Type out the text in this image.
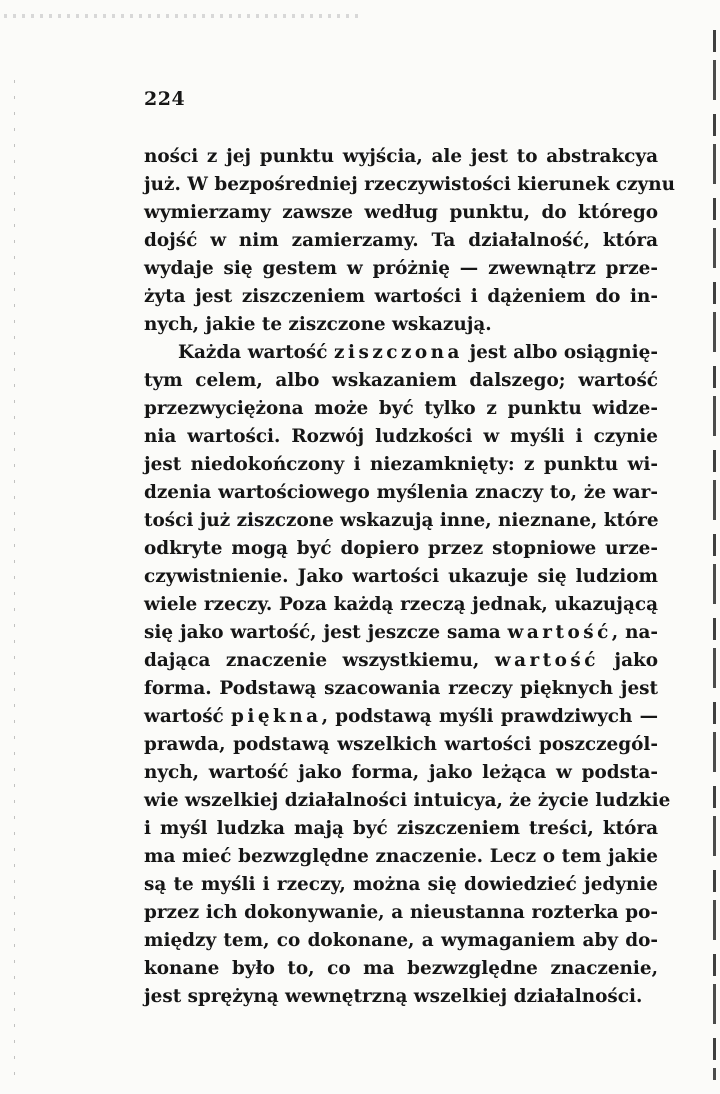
224
ności z jej punktu wyjścia, ale jest to abstrakcya
już. W bezpośredniej rzeczywistości kierunek czynu
wymierzamy zawsze według punktu, do którego
dojść w nim zamierzamy. Ta działalność, która
wydaje się gestem w próżnię — zwewnątrz prze-
żyta jest ziszczeniem wartości i dążeniem do in-
nych, jakie te ziszczone wskazują.
Każda wartość ziszczona jest albo osiągnię-
tym celem, albo wskazaniem dalszego; wartość
przezwyciężona może być tylko z punktu widze-
nia wartości. Rozwój ludzkości w myśli i czynie
jest niedokończony i niezamknięty: z punktu wi-
dzenia wartościowego myślenia znaczy to, że war-
tości już ziszczone wskazują inne, nieznane, które
odkryte mogą być dopiero przez stopniowe urze-
czywistnienie. Jako wartości ukazuje się ludziom
wiele rzeczy. Poza każdą rzeczą jednak, ukazującą
się jako wartość, jest jeszcze sama wartość, na-
dająca znaczenie wszystkiemu, wartość jako
forma. Podstawą szacowania rzeczy pięknych jest
wartość piękna, podstawą myśli prawdziwych —
prawda, podstawą wszelkich wartości poszczegól-
nych, wartość jako forma, jako leżąca w podsta-
wie wszelkiej działalności intuicya, że życie ludzkie
i myśl ludzka mają być ziszczeniem treści, która
ma mieć bezwzględne znaczenie. Lecz o tem jakie
są te myśli i rzeczy, można się dowiedzieć jedynie
przez ich dokonywanie, a nieustanna rozterka po-
między tem, co dokonane, a wymaganiem aby do-
konane było to, co ma bezwzględne znaczenie,
jest sprężyną wewnętrzną wszelkiej działalności.
